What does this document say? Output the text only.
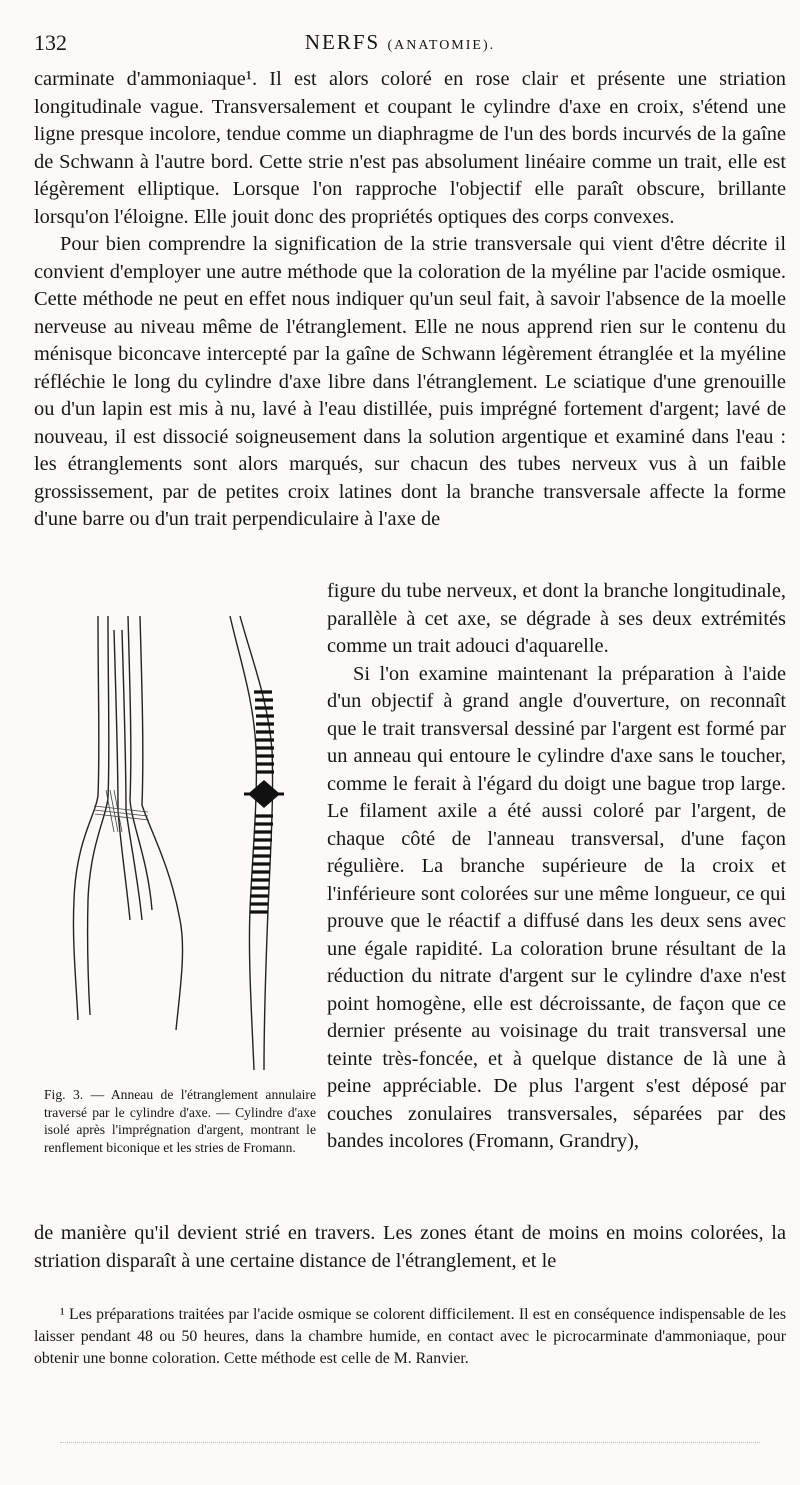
132	NERFS (ANATOMIE).

carminate d'ammoniaque¹. Il est alors coloré en rose clair et présente une striation longitudinale vague. Transversalement et coupant le cylindre d'axe en croix, s'étend une ligne presque incolore, tendue comme un diaphragme de l'un des bords incurvés de la gaîne de Schwann à l'autre bord. Cette strie n'est pas absolument linéaire comme un trait, elle est légèrement elliptique. Lorsque l'on rapproche l'objectif elle paraît obscure, brillante lorsqu'on l'éloigne. Elle jouit donc des propriétés optiques des corps convexes.

Pour bien comprendre la signification de la strie transversale qui vient d'être décrite il convient d'employer une autre méthode que la coloration de la myéline par l'acide osmique. Cette méthode ne peut en effet nous indiquer qu'un seul fait, à savoir l'absence de la moelle nerveuse au niveau même de l'étranglement. Elle ne nous apprend rien sur le contenu du ménisque biconcave intercepté par la gaîne de Schwann légèrement étranglée et la myéline réfléchie le long du cylindre d'axe libre dans l'étranglement. Le sciatique d'une grenouille ou d'un lapin est mis à nu, lavé à l'eau distillée, puis imprégné fortement d'argent; lavé de nouveau, il est dissocié soigneusement dans la solution argentique et examiné dans l'eau : les étranglements sont alors marqués, sur chacun des tubes nerveux vus à un faible grossissement, par de petites croix latines dont la branche transversale affecte la forme d'une barre ou d'un trait perpendiculaire à l'axe de

Fig. 3. — Anneau de l'étranglement annulaire traversé par le cylindre d'axe. — Cylindre d'axe isolé après l'imprégnation d'argent, montrant le renflement biconique et les stries de Fromann.

figure du tube nerveux, et dont la branche longitudinale, parallèle à cet axe, se dégrade à ses deux extrémités comme un trait adouci d'aquarelle.

Si l'on examine maintenant la préparation à l'aide d'un objectif à grand angle d'ouverture, on reconnaît que le trait transversal dessiné par l'argent est formé par un anneau qui entoure le cylindre d'axe sans le toucher, comme le ferait à l'égard du doigt une bague trop large. Le filament axile a été aussi coloré par l'argent, de chaque côté de l'anneau transversal, d'une façon régulière. La branche supérieure de la croix et l'inférieure sont colorées sur une même longueur, ce qui prouve que le réactif a diffusé dans les deux sens avec une égale rapidité. La coloration brune résultant de la réduction du nitrate d'argent sur le cylindre d'axe n'est point homogène, elle est décroissante, de façon que ce dernier présente au voisinage du trait transversal une teinte très-foncée, et à quelque distance de là une à peine appréciable. De plus l'argent s'est déposé par couches zonulaires transversales, séparées par des bandes incolores (Fromann, Grandry),

de manière qu'il devient strié en travers. Les zones étant de moins en moins colorées, la striation disparaît à une certaine distance de l'étranglement, et le

¹ Les préparations traitées par l'acide osmique se colorent difficilement. Il est en conséquence indispensable de les laisser pendant 48 ou 50 heures, dans la chambre humide, en contact avec le picrocarminate d'ammoniaque, pour obtenir une bonne coloration. Cette méthode est celle de M. Ranvier.
